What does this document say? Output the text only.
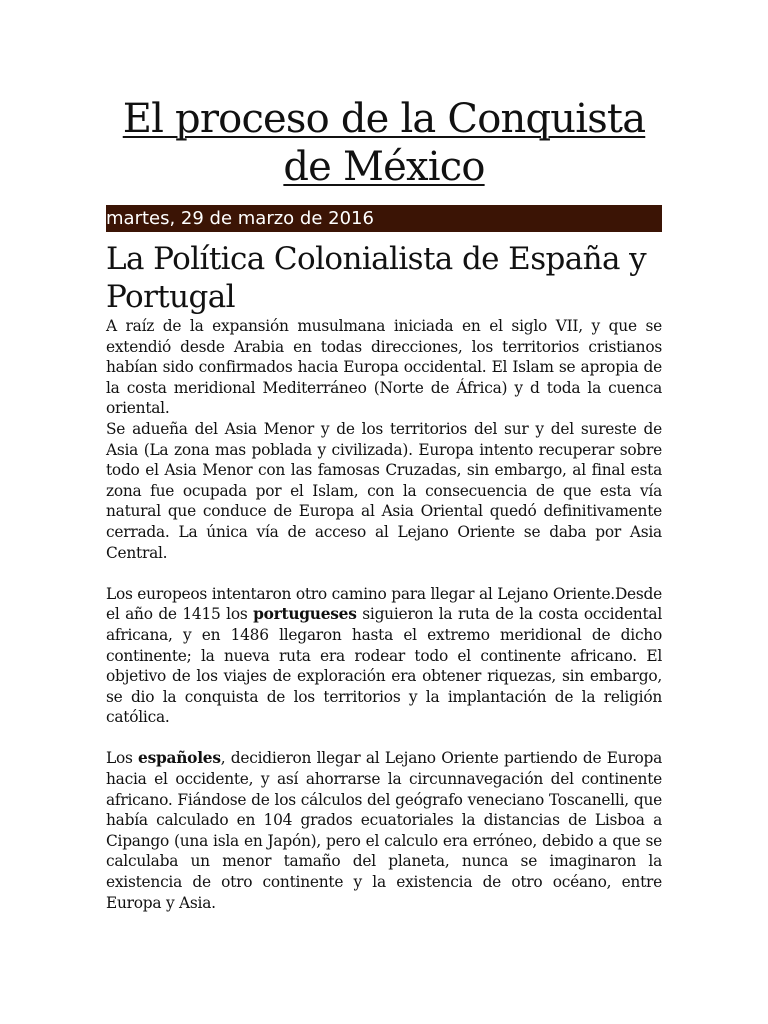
El proceso de la Conquista de México
martes, 29 de marzo de 2016
La Política Colonialista de España y Portugal

A raíz de la expansión musulmana iniciada en el siglo VII, y que se extendió desde Arabia en todas direcciones, los territorios cristianos habían sido confirmados hacia Europa occidental. El Islam se apropia de la costa meridional Mediterráneo (Norte de África) y d toda la cuenca oriental.

Se adueña del Asia Menor y de los territorios del sur y del sureste de Asia (La zona mas poblada y civilizada). Europa intento recuperar sobre todo el Asia Menor con las famosas Cruzadas, sin embargo, al final esta zona fue ocupada por el Islam, con la consecuencia de que esta vía natural que conduce de Europa al Asia Oriental quedó definitivamente cerrada. La única vía de acceso al Lejano Oriente se daba por Asia Central.

Los europeos intentaron otro camino para llegar al Lejano Oriente.Desde el año de 1415 los portugueses siguieron la ruta de la costa occidental africana, y en 1486 llegaron hasta el extremo meridional de dicho continente; la nueva ruta era rodear todo el continente africano. El objetivo de los viajes de exploración era obtener riquezas, sin embargo, se dio la conquista de los territorios y la implantación de la religión católica.

Los españoles, decidieron llegar al Lejano Oriente partiendo de Europa hacia el occidente, y así ahorrarse la circunnavegación del continente africano. Fiándose de los cálculos del geógrafo veneciano Toscanelli, que había calculado en 104 grados ecuatoriales la distancias de Lisboa a Cipango (una isla en Japón), pero el calculo era erróneo, debido a que se calculaba un menor tamaño del planeta, nunca se imaginaron la existencia de otro continente y la existencia de otro océano, entre Europa y Asia.
